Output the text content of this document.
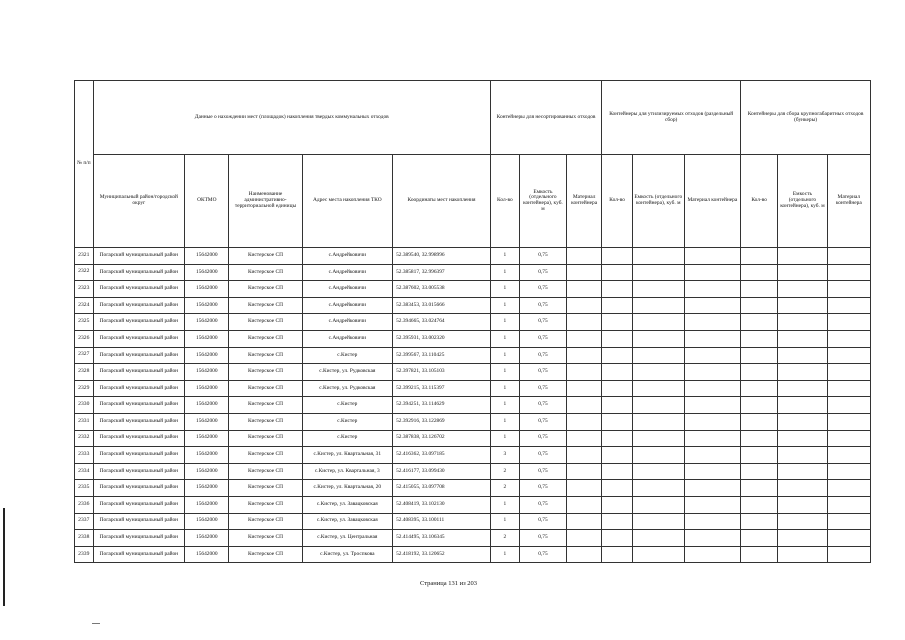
№ п/п	Данные о нахождении мест (площадок) накопления твердых коммунальных отходов					Контейнеры для несортированных отходов			Контейнеры для утилизируемых отходов (раздельный сбор)			Контейнеры для сбора крупногабаритных отходов (бункеры)		
	Муниципальный район/городской округ	ОКТМО	Наименование административно-территориальной единицы	Адрес места накопления ТКО	Координаты мест накопления	Кол-во	Емкость (отдельного контейнера), куб. м	Материал контейнера	Кол-во	Емкость (отдельного контейнера), куб. м	Материал контейнера	Кол-во	Емкость (отдельного контейнера), куб. м	Материал контейнера
2321	Погарский муниципальный район	15642000	Кистерское СП	с.Андрейковичи	52.389540, 32.998996	1	0,75							
2322	Погарский муниципальный район	15642000	Кистерское СП	с.Андрейковичи	52.385817, 32.996397	1	0,75							
2323	Погарский муниципальный район	15642000	Кистерское СП	с.Андрейковичи	52.387602, 33.005538	1	0,75							
2324	Погарский муниципальный район	15642000	Кистерское СП	с.Андрейковичи	52.383453, 33.015666	1	0,75							
2325	Погарский муниципальный район	15642000	Кистерское СП	с.Андрейковичи	52.394665, 33.024764	1	0,75							
2326	Погарский муниципальный район	15642000	Кистерское СП	с.Андрейковичи	52.395931, 33.002320	1	0,75							
2327	Погарский муниципальный район	15642000	Кистерское СП	с.Кистер	52.399567, 33.110425	1	0,75							
2328	Погарский муниципальный район	15642000	Кистерское СП	с.Кистер, ул. Рудковская	52.397821, 33.105103	1	0,75							
2329	Погарский муниципальный район	15642000	Кистерское СП	с.Кистер, ул. Рудковская	52.399215, 33.115397	1	0,75							
2330	Погарский муниципальный район	15642000	Кистерское СП	с.Кистер	52.394251, 33.114629	1	0,75							
2331	Погарский муниципальный район	15642000	Кистерское СП	с.Кистер	52.392916, 33.122869	1	0,75							
2332	Погарский муниципальный район	15642000	Кистерское СП	с.Кистер	52.387838, 33.126702	1	0,75							
2333	Погарский муниципальный район	15642000	Кистерское СП	с.Кистер, ул. Квартальная, 31	52.416362, 33.097185	3	0,75							
2334	Погарский муниципальный район	15642000	Кистерское СП	с.Кистер, ул. Квартальная, 3	52.416177, 33.099430	2	0,75							
2335	Погарский муниципальный район	15642000	Кистерское СП	с.Кистер, ул. Квартальная, 20	52.415055, 33.097708	2	0,75							
2336	Погарский муниципальный район	15642000	Кистерское СП	с.Кистер, ул. Завацковская	52.408419, 33.102130	1	0,75							
2337	Погарский муниципальный район	15642000	Кистерское СП	с.Кистер, ул. Завацковская	52.408395, 33.100111	1	0,75							
2338	Погарский муниципальный район	15642000	Кистерское СП	с.Кистер, ул. Центральная	52.414495, 33.106345	2	0,75							
2339	Погарский муниципальный район	15642000	Кистерское СП	с.Кистер, ул. Троспкова	52.418192, 33.120652	1	0,75							
Страница 131 из 203
